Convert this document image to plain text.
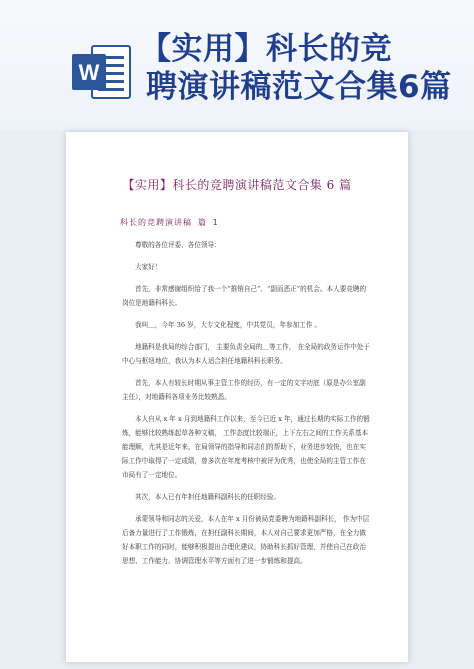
W
【实用】科长的竞
聘演讲稿范文合集6篇
【实用】科长的竞聘演讲稿范文合集 6 篇
科长的竞聘演讲稿 篇 1

尊敬的各位评委、各位领导：

大家好！

首先，非常感谢组织给了我一个“推销自己”、“副而恶正”的机会。本人要竞聘的岗位是地籍科科长。

我叫＿，今年 36 岁，大专文化程度，中共党员，年参加工作 。

地籍科是我局的综合部门， 主要负责全局的＿等工作， 在全局的政务运作中处于中心与枢纽地位，我认为本人适合担任地籍科科长职务。

首先，本人有较长时期从事主管工作的经历，有一定的文字功底（原是办公室副主任），对地籍科各项业务比较熟悉。

本人自从 x 年 x 月到地籍科工作以来，至今已近 x 年，通过长期的实际工作的锻炼，能够比较熟练起草各种文稿， 工作态度比较端正，上下左右之间的工作关系基本能理顺，尤其是近年来，在局领导的指导和同志们的帮助下，业务进步较快，也在实际工作中取得了一定成绩，曾多次在年度考核中被评为优秀，也使全局的主管工作在市局有了一定地位。

其次，本人已有年担任地籍科副科长的任职经验。

承蒙领导和同志的关爱，本人在年 x 月份被局党委聘为地籍科副科长， 作为中层后备力量进行了工作锻炼，在担任副科长期间，本人对自己要求更加严格，在全力做好本职工作的同时，能够积极提出合理化建议，协助科长抓好管理，并使自己在政治思想、工作能力、协调管理水平等方面有了进一步锻炼和提高。
